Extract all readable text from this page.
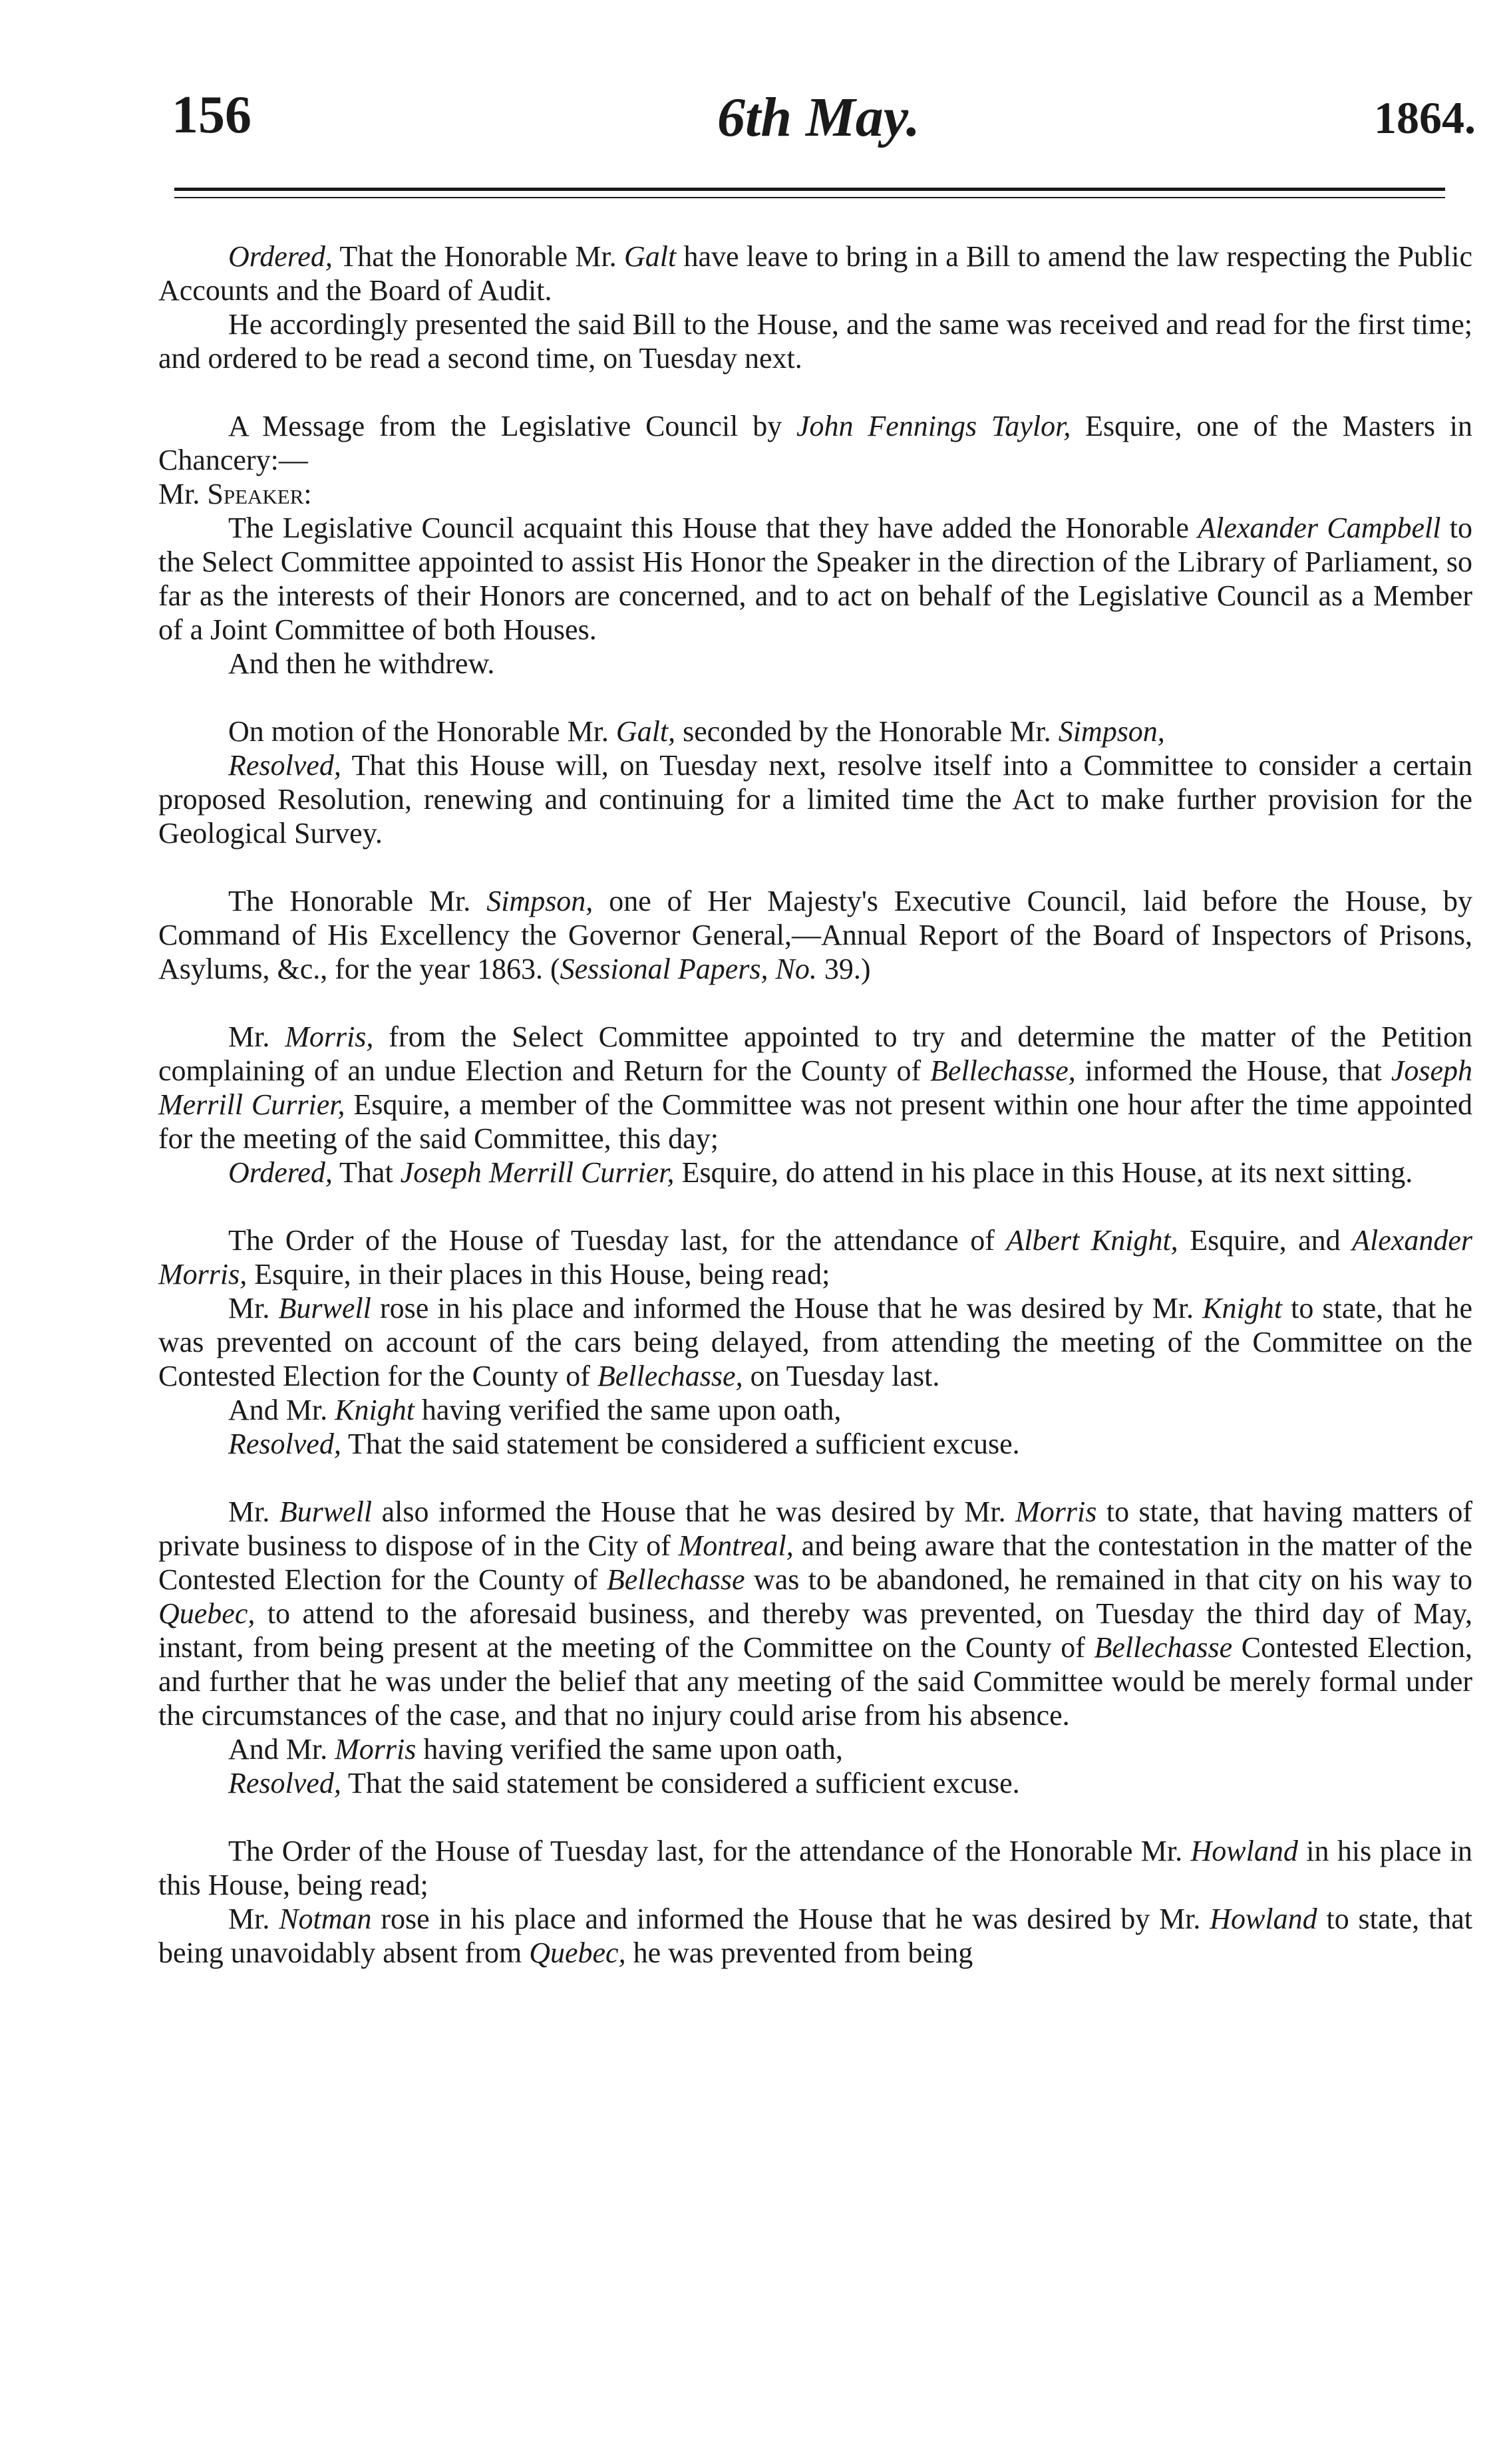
156	6th May.	1864.

Ordered, That the Honorable Mr. Galt have leave to bring in a Bill to amend the law respecting the Public Accounts and the Board of Audit.

He accordingly presented the said Bill to the House, and the same was received and read for the first time; and ordered to be read a second time, on Tuesday next.

A Message from the Legislative Council by John Fennings Taylor, Esquire, one of the Masters in Chancery:—

Mr. Speaker:

The Legislative Council acquaint this House that they have added the Honorable Alexander Campbell to the Select Committee appointed to assist His Honor the Speaker in the direction of the Library of Parliament, so far as the interests of their Honors are concerned, and to act on behalf of the Legislative Council as a Member of a Joint Committee of both Houses.

And then he withdrew.

On motion of the Honorable Mr. Galt, seconded by the Honorable Mr. Simpson,

Resolved, That this House will, on Tuesday next, resolve itself into a Committee to consider a certain proposed Resolution, renewing and continuing for a limited time the Act to make further provision for the Geological Survey.

The Honorable Mr. Simpson, one of Her Majesty's Executive Council, laid before the House, by Command of His Excellency the Governor General,—Annual Report of the Board of Inspectors of Prisons, Asylums, &c., for the year 1863. (Sessional Papers, No. 39.)

Mr. Morris, from the Select Committee appointed to try and determine the matter of the Petition complaining of an undue Election and Return for the County of Bellechasse, informed the House, that Joseph Merrill Currier, Esquire, a member of the Committee was not present within one hour after the time appointed for the meeting of the said Committee, this day;

Ordered, That Joseph Merrill Currier, Esquire, do attend in his place in this House, at its next sitting.

The Order of the House of Tuesday last, for the attendance of Albert Knight, Esquire, and Alexander Morris, Esquire, in their places in this House, being read;

Mr. Burwell rose in his place and informed the House that he was desired by Mr. Knight to state, that he was prevented on account of the cars being delayed, from attending the meeting of the Committee on the Contested Election for the County of Bellechasse, on Tuesday last.

And Mr. Knight having verified the same upon oath,

Resolved, That the said statement be considered a sufficient excuse.

Mr. Burwell also informed the House that he was desired by Mr. Morris to state, that having matters of private business to dispose of in the City of Montreal, and being aware that the contestation in the matter of the Contested Election for the County of Bellechasse was to be abandoned, he remained in that city on his way to Quebec, to attend to the aforesaid business, and thereby was prevented, on Tuesday the third day of May, instant, from being present at the meeting of the Committee on the County of Bellechasse Contested Election, and further that he was under the belief that any meeting of the said Committee would be merely formal under the circumstances of the case, and that no injury could arise from his absence.

And Mr. Morris having verified the same upon oath,

Resolved, That the said statement be considered a sufficient excuse.

The Order of the House of Tuesday last, for the attendance of the Honorable Mr. Howland in his place in this House, being read;

Mr. Notman rose in his place and informed the House that he was desired by Mr. Howland to state, that being unavoidably absent from Quebec, he was prevented from being
